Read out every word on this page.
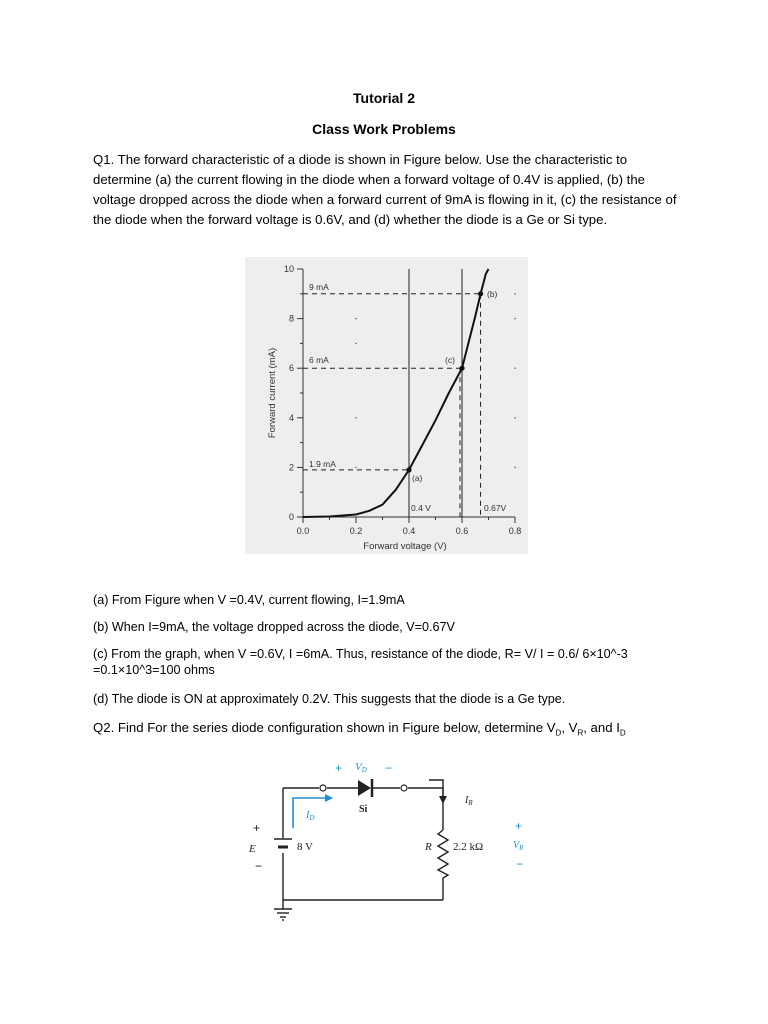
Tutorial 2
Class Work Problems
Q1. The forward characteristic of a diode is shown in Figure below. Use the characteristic to determine (a) the current flowing in the diode when a forward voltage of 0.4V is applied, (b) the voltage dropped across the diode when a forward current of 9mA is flowing in it, (c) the resistance of the diode when the forward voltage is 0.6V, and (d) whether the diode is a Ge or Si type.
0
2
4
6
8
10
0.0	0.2	0.4	0.6	0.8
Forward current (mA)
Forward voltage (V)
9 mA
6 mA
1.9 mA
(c)
(b)
(a)
0.4 V	0.67V
(a) From Figure when V =0.4V, current flowing, I=1.9mA
(b) When I=9mA, the voltage dropped across the diode, V=0.67V
(c) From the graph, when V =0.6V, I =6mA. Thus, resistance of the diode, R= V/ I = 0.6/ 6×10^-3 =0.1×10^3=100 ohms
(d) The diode is ON at approximately 0.2V. This suggests that the diode is a Ge type.
Q2. Find For the series diode configuration shown in Figure below, determine $V_D$, $V_R$, and $I_D$
+ VD −
Si
$I_D$
$I_R$
+
E
−
8 V	R 2.2 kΩ
+
$V_R$
−
